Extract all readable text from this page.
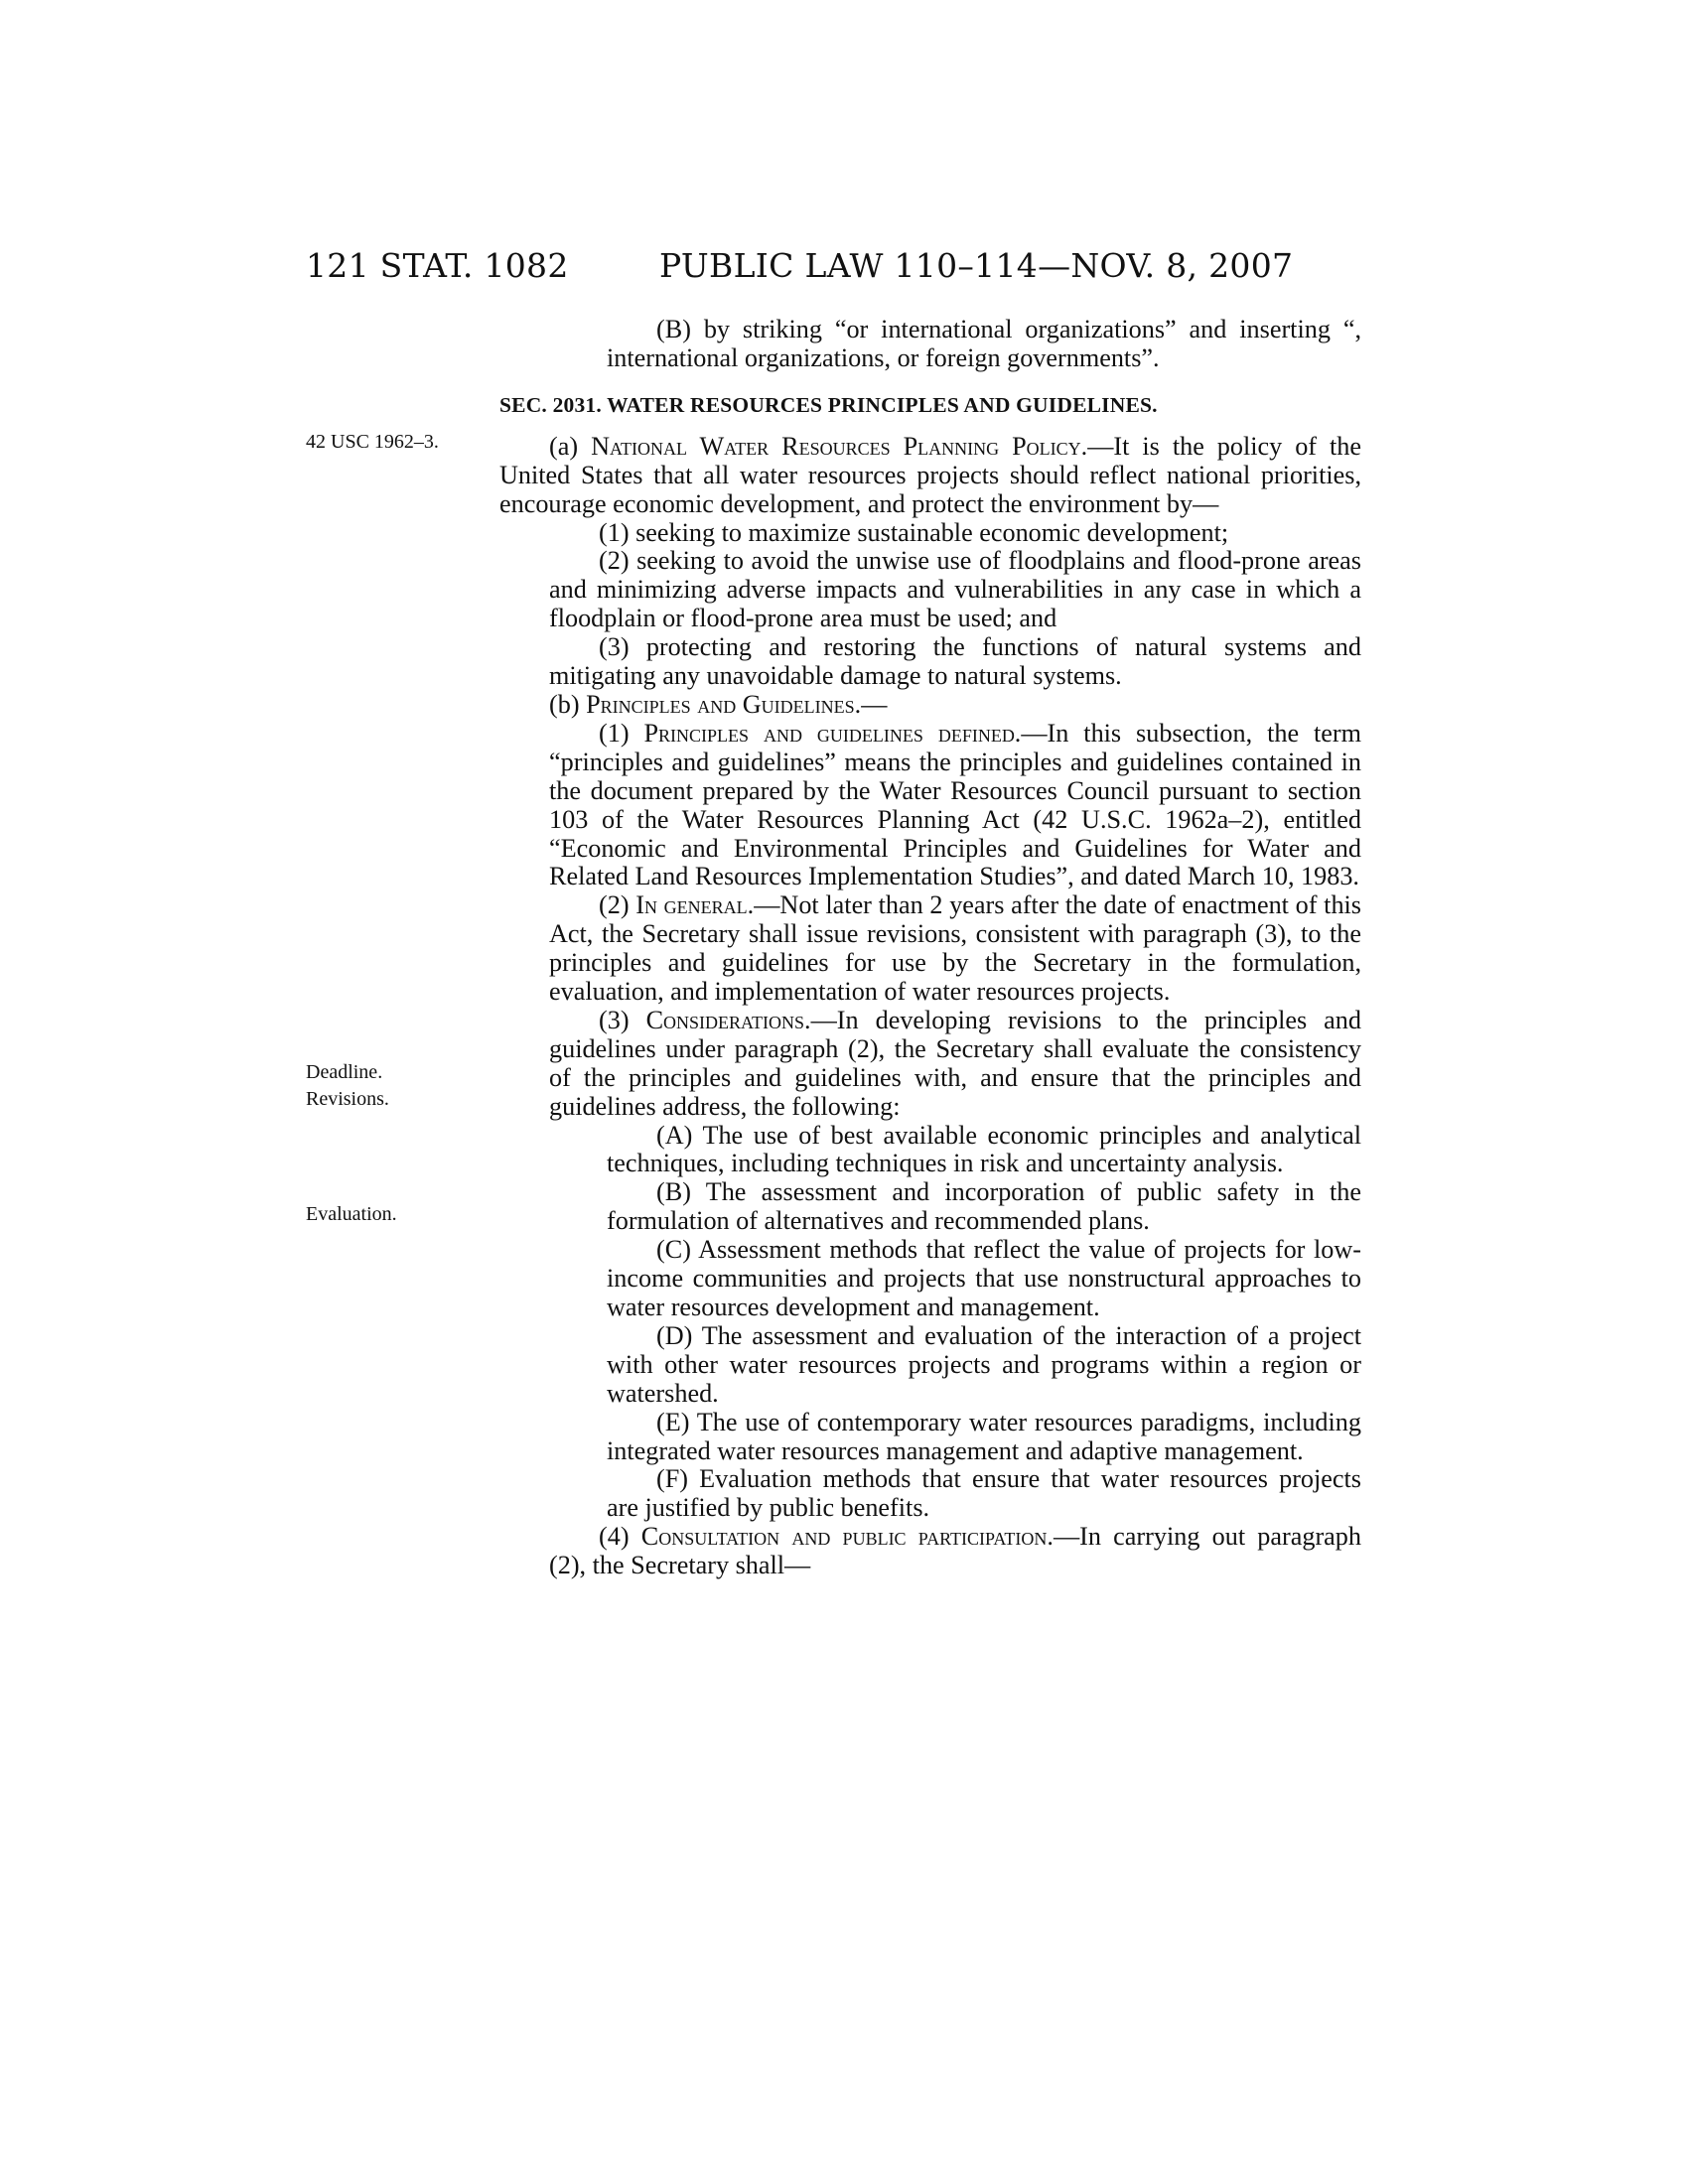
121 STAT. 1082	PUBLIC LAW 110–114—NOV. 8, 2007
42 USC 1962–3.
Deadline.
Revisions.
Evaluation.
(B) by striking “or international organizations” and inserting “, international organizations, or foreign governments”.
SEC. 2031. WATER RESOURCES PRINCIPLES AND GUIDELINES.
(a) National Water Resources Planning Policy.—It is the policy of the United States that all water resources projects should reflect national priorities, encourage economic development, and protect the environment by—
(1) seeking to maximize sustainable economic development;
(2) seeking to avoid the unwise use of floodplains and flood-prone areas and minimizing adverse impacts and vulnerabilities in any case in which a floodplain or flood-prone area must be used; and
(3) protecting and restoring the functions of natural systems and mitigating any unavoidable damage to natural systems.
(b) Principles and Guidelines.—
(1) Principles and guidelines defined.—In this subsection, the term “principles and guidelines” means the principles and guidelines contained in the document prepared by the Water Resources Council pursuant to section 103 of the Water Resources Planning Act (42 U.S.C. 1962a–2), entitled “Economic and Environmental Principles and Guidelines for Water and Related Land Resources Implementation Studies”, and dated March 10, 1983.
(2) In general.—Not later than 2 years after the date of enactment of this Act, the Secretary shall issue revisions, consistent with paragraph (3), to the principles and guidelines for use by the Secretary in the formulation, evaluation, and implementation of water resources projects.
(3) Considerations.—In developing revisions to the principles and guidelines under paragraph (2), the Secretary shall evaluate the consistency of the principles and guidelines with, and ensure that the principles and guidelines address, the following:
(A) The use of best available economic principles and analytical techniques, including techniques in risk and uncertainty analysis.
(B) The assessment and incorporation of public safety in the formulation of alternatives and recommended plans.
(C) Assessment methods that reflect the value of projects for low-income communities and projects that use nonstructural approaches to water resources development and management.
(D) The assessment and evaluation of the interaction of a project with other water resources projects and programs within a region or watershed.
(E) The use of contemporary water resources paradigms, including integrated water resources management and adaptive management.
(F) Evaluation methods that ensure that water resources projects are justified by public benefits.
(4) Consultation and public participation.—In carrying out paragraph (2), the Secretary shall—
